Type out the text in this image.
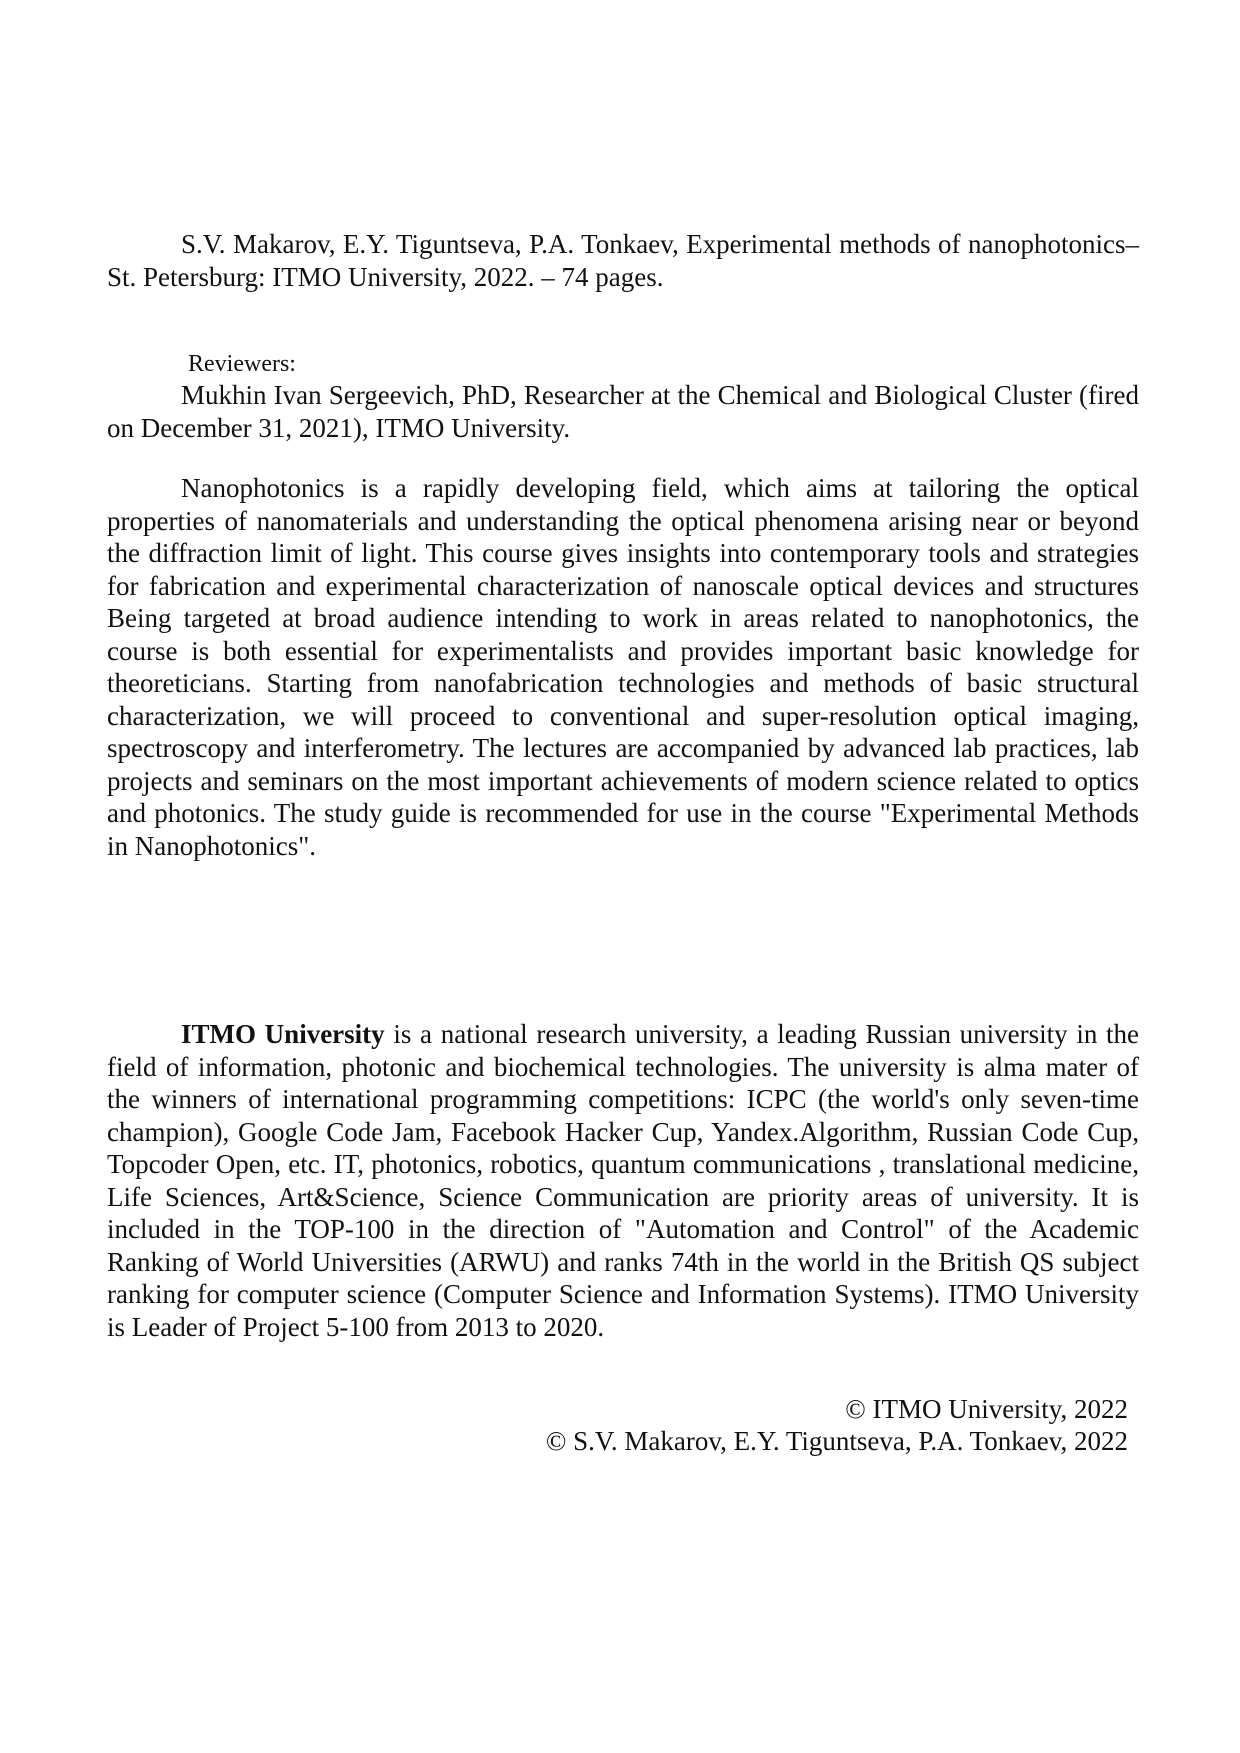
S.V. Makarov, E.Y. Tiguntseva, P.A. Tonkaev, Experimental methods of nanophotonics– St. Petersburg: ITMO University, 2022. – 74 pages.

Reviewers:

Mukhin Ivan Sergeevich, PhD, Researcher at the Chemical and Biological Cluster (fired on December 31, 2021), ITMO University.

Nanophotonics is a rapidly developing field, which aims at tailoring the optical properties of nanomaterials and understanding the optical phenomena arising near or beyond the diffraction limit of light. This course gives insights into contemporary tools and strategies for fabrication and experimental characterization of nanoscale optical devices and structures Being targeted at broad audience intending to work in areas related to nanophotonics, the course is both essential for experimentalists and provides important basic knowledge for theoreticians. Starting from nanofabrication technologies and methods of basic structural characterization, we will proceed to conventional and super-resolution optical imaging, spectroscopy and interferometry. The lectures are accompanied by advanced lab practices, lab projects and seminars on the most important achievements of modern science related to optics and photonics. The study guide is recommended for use in the course "Experimental Methods in Nanophotonics".

ITMO University is a national research university, a leading Russian university in the field of information, photonic and biochemical technologies. The university is alma mater of the winners of international programming competitions: ICPC (the world's only seven-time champion), Google Code Jam, Facebook Hacker Cup, Yandex.Algorithm, Russian Code Cup, Topcoder Open, etc. IT, photonics, robotics, quantum communications , translational medicine, Life Sciences, Art&Science, Science Communication are priority areas of university. It is included in the TOP-100 in the direction of "Automation and Control" of the Academic Ranking of World Universities (ARWU) and ranks 74th in the world in the British QS subject ranking for computer science (Computer Science and Information Systems). ITMO University is Leader of Project 5-100 from 2013 to 2020.

© ITMO University, 2022

© S.V. Makarov, E.Y. Tiguntseva, P.A. Tonkaev, 2022
